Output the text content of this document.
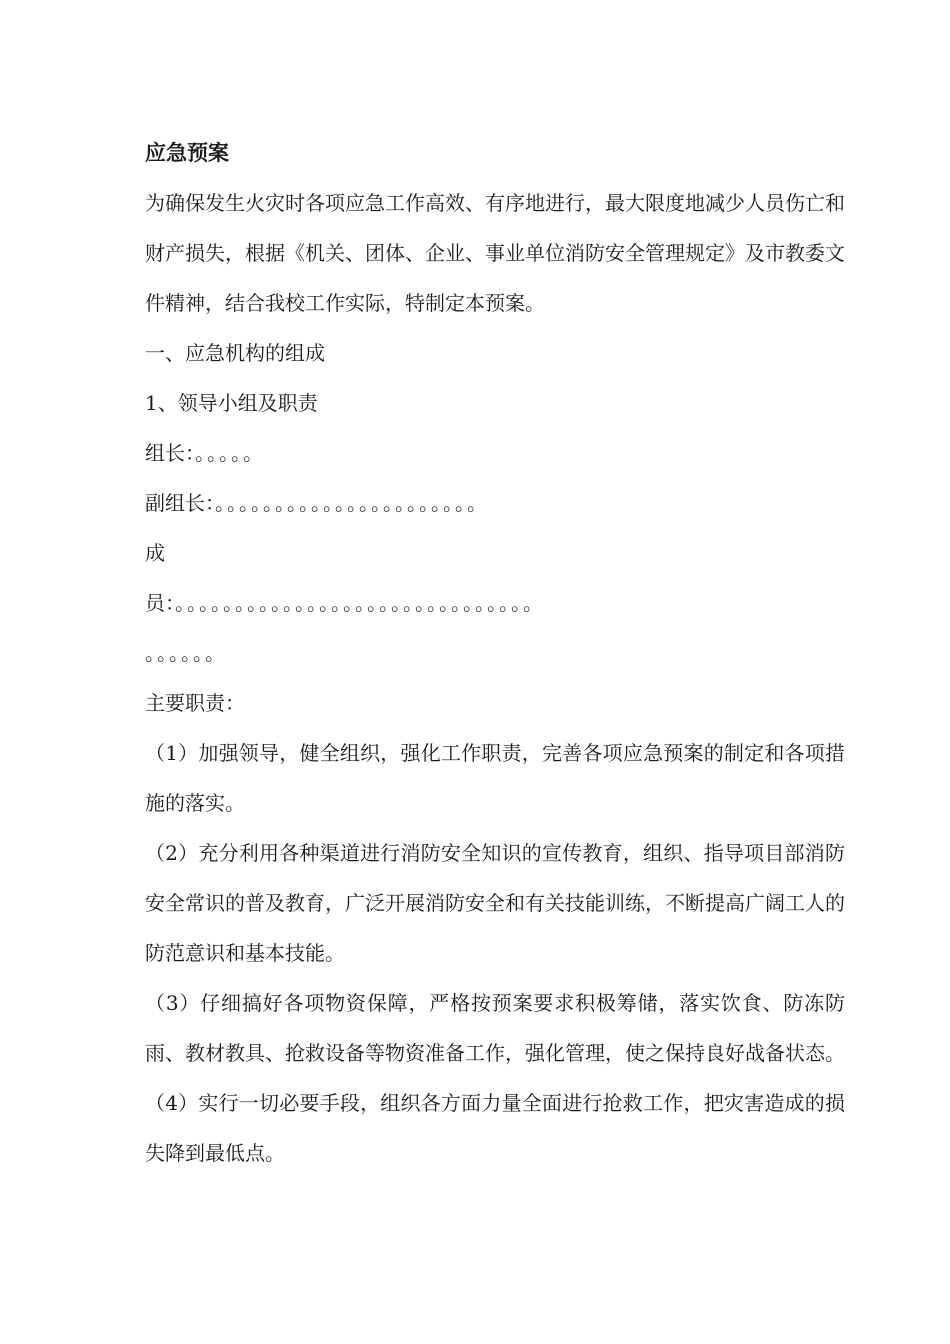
应急预案

为确保发生火灾时各项应急工作高效、有序地进行，最大限度地减少人员伤亡和财产损失，根据《机关、团体、企业、事业单位消防安全管理规定》及市教委文件精神，结合我校工作实际，特制定本预案。

一、应急机构的组成

1、领导小组及职责

组长：。。。。。

副组长：。。。。。。。。。。。。。。。。。。。。。。

成

员：。。。。。。。。。。。。。。。。。。。。。。。。。。。。。。

。。。。。。

主要职责：

（1）加强领导，健全组织，强化工作职责，完善各项应急预案的制定和各项措施的落实。

（2）充分利用各种渠道进行消防安全知识的宣传教育，组织、指导项目部消防安全常识的普及教育，广泛开展消防安全和有关技能训练，不断提高广阔工人的防范意识和基本技能。

（3）仔细搞好各项物资保障，严格按预案要求积极筹储，落实饮食、防冻防雨、教材教具、抢救设备等物资准备工作，强化管理，使之保持良好战备状态。

（4）实行一切必要手段，组织各方面力量全面进行抢救工作，把灾害造成的损失降到最低点。
